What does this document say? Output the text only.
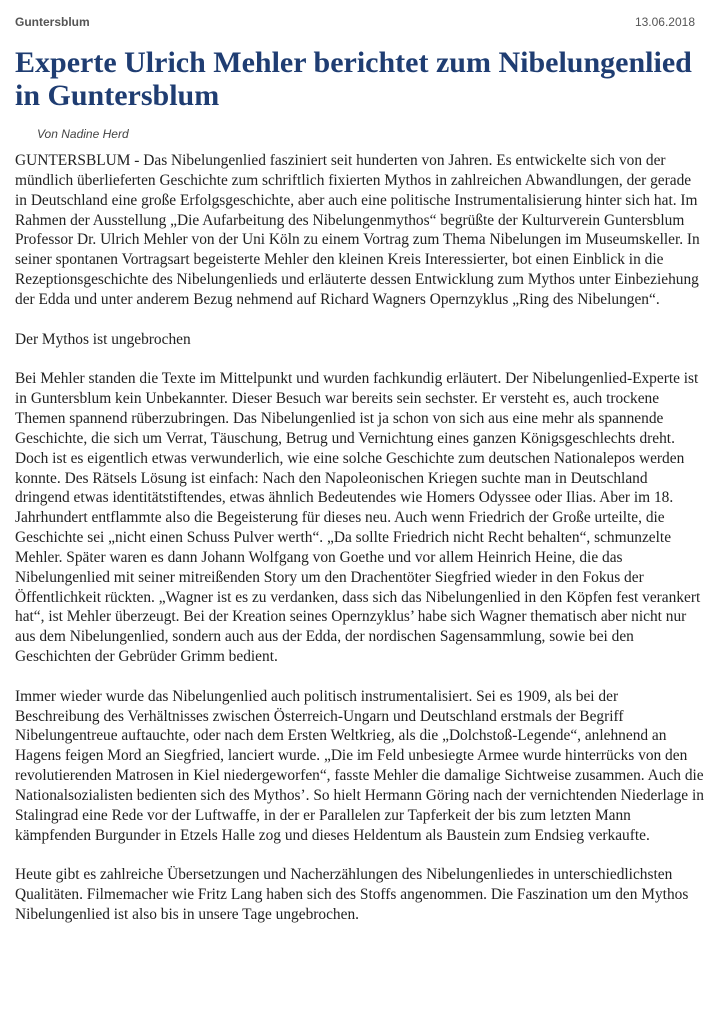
Guntersblum	13.06.2018
Experte Ulrich Mehler berichtet zum Nibelungenlied in Guntersblum
Von Nadine Herd

GUNTERSBLUM - Das Nibelungenlied fasziniert seit hunderten von Jahren. Es entwickelte sich von der mündlich überlieferten Geschichte zum schriftlich fixierten Mythos in zahlreichen Abwandlungen, der gerade in Deutschland eine große Erfolgsgeschichte, aber auch eine politische Instrumentalisierung hinter sich hat. Im Rahmen der Ausstellung „Die Aufarbeitung des Nibelungenmythos“ begrüßte der Kulturverein Guntersblum Professor Dr. Ulrich Mehler von der Uni Köln zu einem Vortrag zum Thema Nibelungen im Museumskeller. In seiner spontanen Vortragsart begeisterte Mehler den kleinen Kreis Interessierter, bot einen Einblick in die Rezeptionsgeschichte des Nibelungenlieds und erläuterte dessen Entwicklung zum Mythos unter Einbeziehung der Edda und unter anderem Bezug nehmend auf Richard Wagners Opernzyklus „Ring des Nibelungen“.

Der Mythos ist ungebrochen

Bei Mehler standen die Texte im Mittelpunkt und wurden fachkundig erläutert. Der Nibelungenlied-Experte ist in Guntersblum kein Unbekannter. Dieser Besuch war bereits sein sechster. Er versteht es, auch trockene Themen spannend rüberzubringen. Das Nibelungenlied ist ja schon von sich aus eine mehr als spannende Geschichte, die sich um Verrat, Täuschung, Betrug und Vernichtung eines ganzen Königsgeschlechts dreht. Doch ist es eigentlich etwas verwunderlich, wie eine solche Geschichte zum deutschen Nationalepos werden konnte. Des Rätsels Lösung ist einfach: Nach den Napoleonischen Kriegen suchte man in Deutschland dringend etwas identitätstiftendes, etwas ähnlich Bedeutendes wie Homers Odyssee oder Ilias. Aber im 18. Jahrhundert entflammte also die Begeisterung für dieses neu. Auch wenn Friedrich der Große urteilte, die Geschichte sei „nicht einen Schuss Pulver werth“. „Da sollte Friedrich nicht Recht behalten“, schmunzelte Mehler. Später waren es dann Johann Wolfgang von Goethe und vor allem Heinrich Heine, die das Nibelungenlied mit seiner mitreißenden Story um den Drachentöter Siegfried wieder in den Fokus der Öffentlichkeit rückten. „Wagner ist es zu verdanken, dass sich das Nibelungenlied in den Köpfen fest verankert hat“, ist Mehler überzeugt. Bei der Kreation seines Opernzyklus’ habe sich Wagner thematisch aber nicht nur aus dem Nibelungenlied, sondern auch aus der Edda, der nordischen Sagensammlung, sowie bei den Geschichten der Gebrüder Grimm bedient.

Immer wieder wurde das Nibelungenlied auch politisch instrumentalisiert. Sei es 1909, als bei der Beschreibung des Verhältnisses zwischen Österreich-Ungarn und Deutschland erstmals der Begriff Nibelungentreue auftauchte, oder nach dem Ersten Weltkrieg, als die „Dolchstoß-Legende“, anlehnend an Hagens feigen Mord an Siegfried, lanciert wurde. „Die im Feld unbesiegte Armee wurde hinterrücks von den revolutierenden Matrosen in Kiel niedergeworfen“, fasste Mehler die damalige Sichtweise zusammen. Auch die Nationalsozialisten bedienten sich des Mythos’. So hielt Hermann Göring nach der vernichtenden Niederlage in Stalingrad eine Rede vor der Luftwaffe, in der er Parallelen zur Tapferkeit der bis zum letzten Mann kämpfenden Burgunder in Etzels Halle zog und dieses Heldentum als Baustein zum Endsieg verkaufte.

Heute gibt es zahlreiche Übersetzungen und Nacherzählungen des Nibelungenliedes in unterschiedlichsten Qualitäten. Filmemacher wie Fritz Lang haben sich des Stoffs angenommen. Die Faszination um den Mythos Nibelungenlied ist also bis in unsere Tage ungebrochen.
